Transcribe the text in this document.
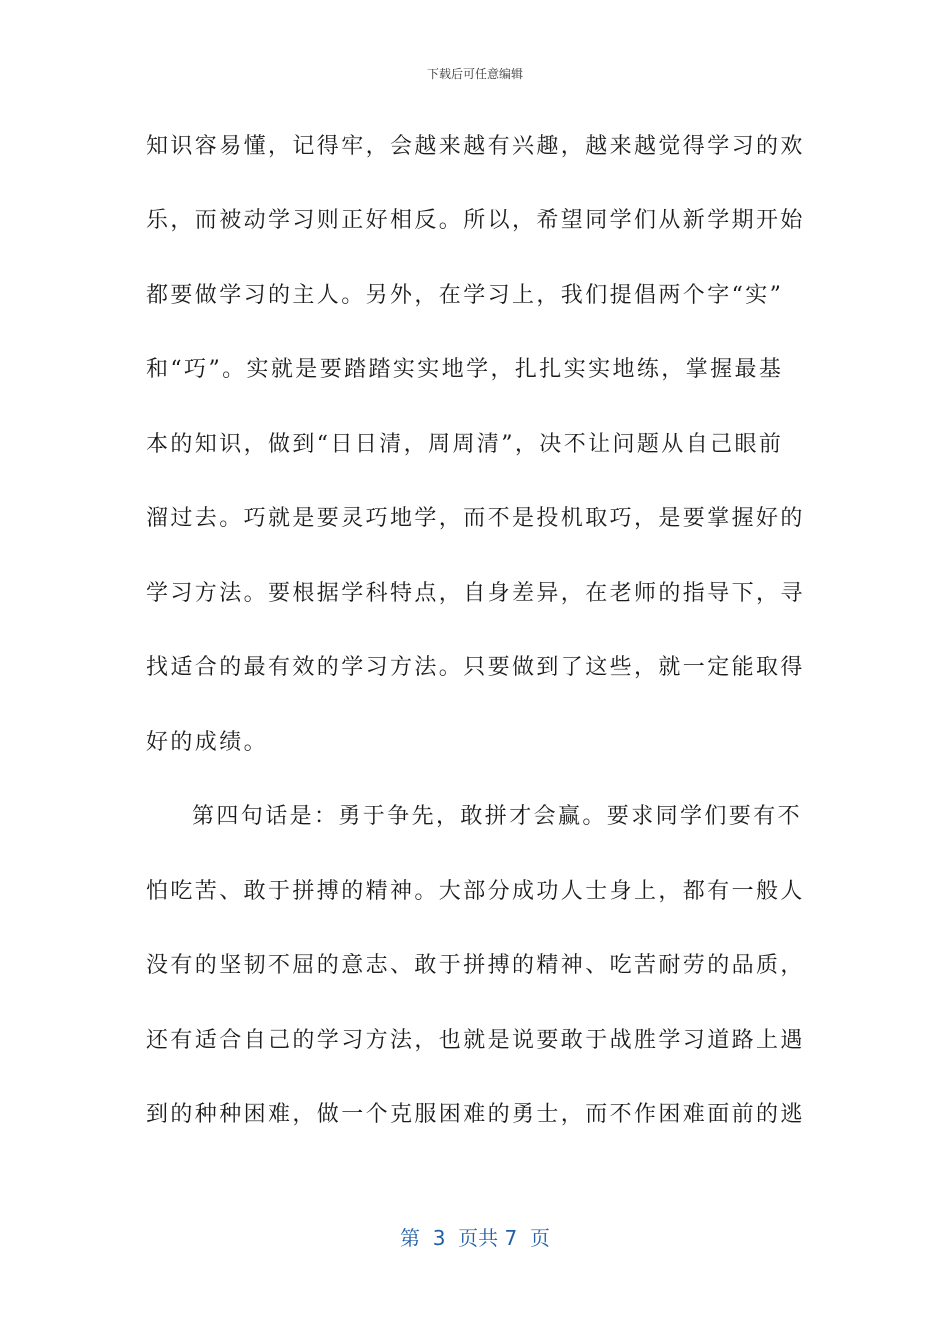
下载后可任意编辑
知识容易懂，记得牢，会越来越有兴趣，越来越觉得学习的欢
乐，而被动学习则正好相反。所以，希望同学们从新学期开始
都要做学习的主人。另外，在学习上，我们提倡两个字“实”
和“巧”。实就是要踏踏实实地学，扎扎实实地练，掌握最基
本的知识，做到“日日清，周周清”，决不让问题从自己眼前
溜过去。巧就是要灵巧地学，而不是投机取巧，是要掌握好的
学习方法。要根据学科特点，自身差异，在老师的指导下，寻
找适合的最有效的学习方法。只要做到了这些，就一定能取得
好的成绩。
第四句话是：勇于争先，敢拼才会赢。要求同学们要有不
怕吃苦、敢于拼搏的精神。大部分成功人士身上，都有一般人
没有的坚韧不屈的意志、敢于拼搏的精神、吃苦耐劳的品质，
还有适合自己的学习方法，也就是说要敢于战胜学习道路上遇
到的种种困难，做一个克服困难的勇士，而不作困难面前的逃
第  3  页共 7  页
